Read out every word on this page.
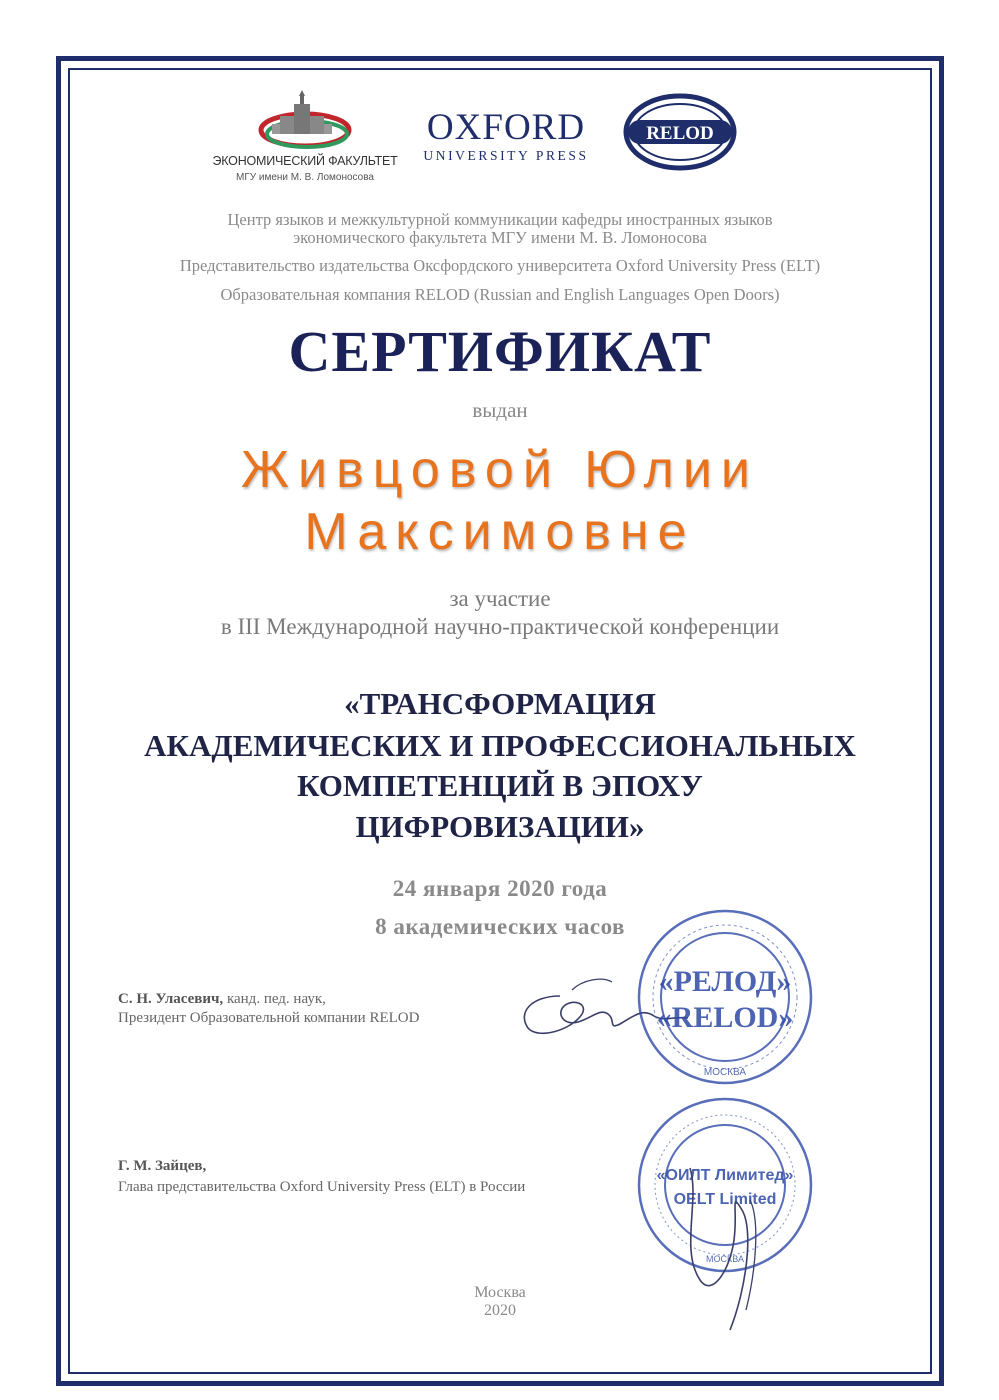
ЭКОНОМИЧЕСКИЙ ФАКУЛЬТЕТ
МГУ имени М. В. Ломоносова
OXFORD
UNIVERSITY PRESS
RELOD
Центр языков и межкультурной коммуникации кафедры иностранных языков
экономического факультета МГУ имени М. В. Ломоносова
Представительство издательства Оксфордского университета Oxford University Press (ELT)
Образовательная компания RELOD (Russian and English Languages Open Doors)
СЕРТИФИКАТ
выдан
Живцовой Юлии
Максимовне
за участие
в III Международной научно-практической конференции
«ТРАНСФОРМАЦИЯ
АКАДЕМИЧЕСКИХ И ПРОФЕССИОНАЛЬНЫХ
КОМПЕТЕНЦИЙ В ЭПОХУ
ЦИФРОВИЗАЦИИ»
24 января 2020 года
8 академических часов
С. Н. Уласевич, канд. пед. наук,
Президент Образовательной компании RELOD
«РЕЛОД»
«RELOD»
МОСКВА
Г. М. Зайцев,
Глава представительства Oxford University Press (ELT) в России
«ОИЛТ Лимитед»
OELT Limited
МОСКВА
Москва
2020
